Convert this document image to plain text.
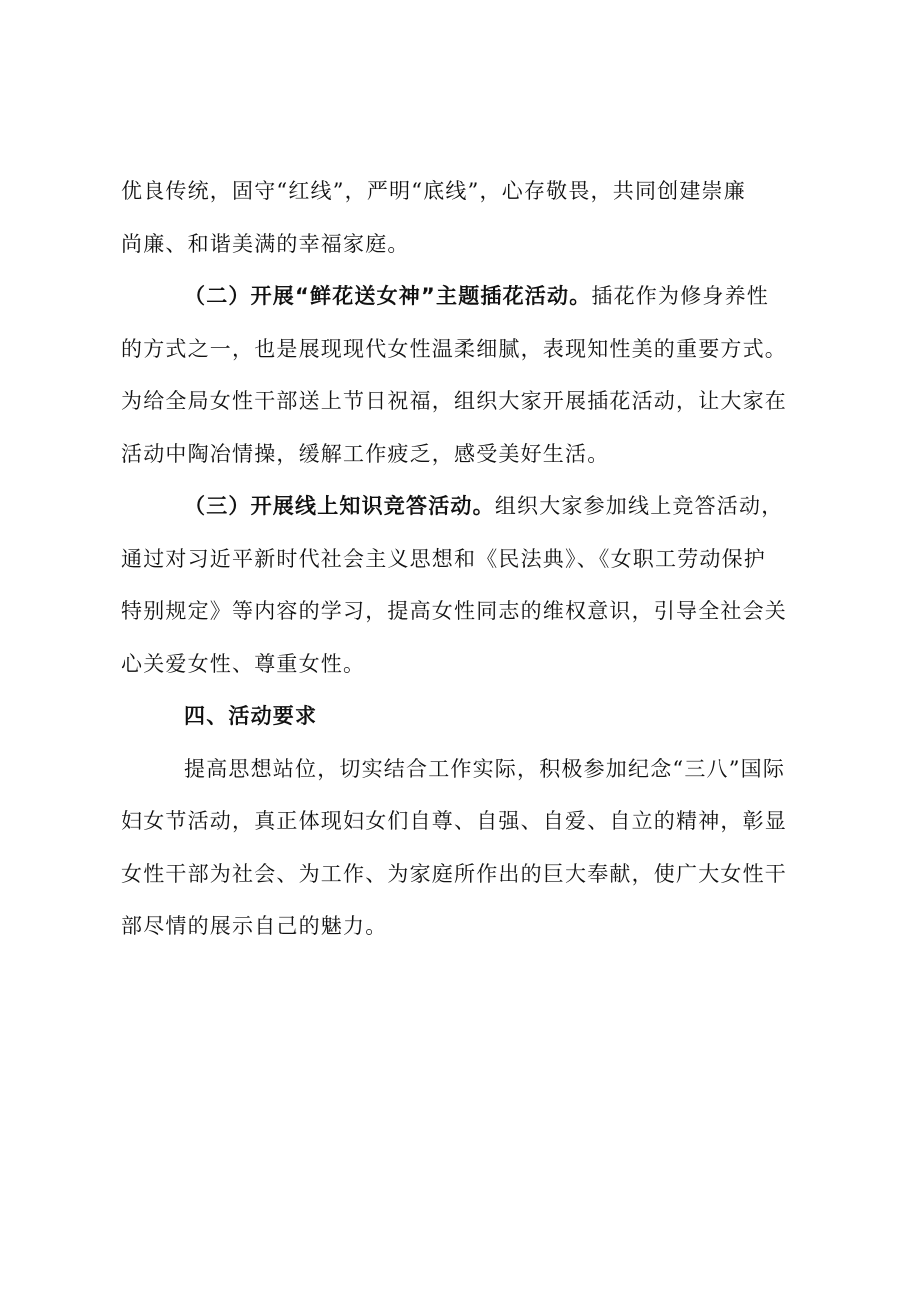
优良传统，固守“红线”，严明“底线”，心存敬畏，共同创建崇廉
尚廉、和谐美满的幸福家庭。
（二）开展“鲜花送女神”主题插花活动。插花作为修身养性
的方式之一，也是展现现代女性温柔细腻，表现知性美的重要方式。
为给全局女性干部送上节日祝福，组织大家开展插花活动，让大家在
活动中陶冶情操，缓解工作疲乏，感受美好生活。
（三）开展线上知识竞答活动。组织大家参加线上竞答活动，
通过对习近平新时代社会主义思想和《民法典》、《女职工劳动保护
特别规定》等内容的学习，提高女性同志的维权意识，引导全社会关
心关爱女性、尊重女性。
四、活动要求
提高思想站位，切实结合工作实际，积极参加纪念“三八”国际
妇女节活动，真正体现妇女们自尊、自强、自爱、自立的精神，彰显
女性干部为社会、为工作、为家庭所作出的巨大奉献，使广大女性干
部尽情的展示自己的魅力。
